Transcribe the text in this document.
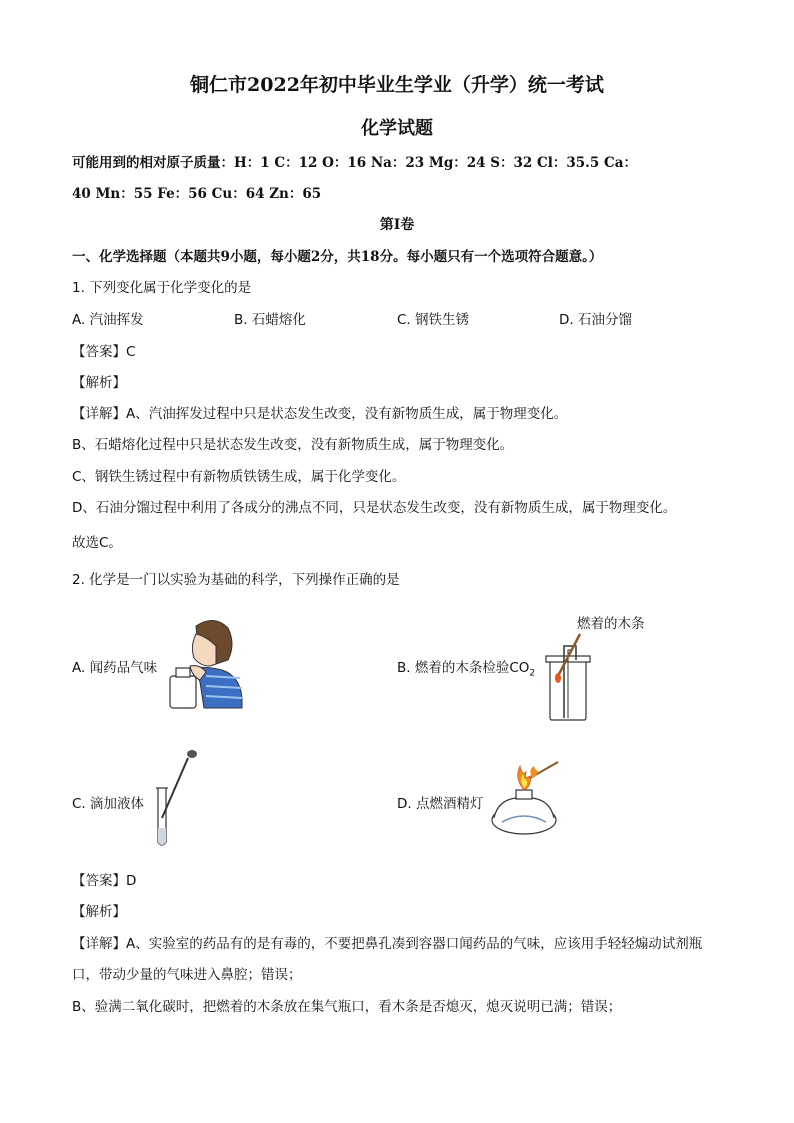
铜仁市2022年初中毕业生学业（升学）统一考试
化学试题
可能用到的相对原子质量：H：1 C：12 O：16 Na：23 Mg：24 S：32 Cl：35.5 Ca：
40 Mn：55 Fe：56 Cu：64 Zn：65
第I卷
一、化学选择题（本题共9小题，每小题2分，共18分。每小题只有一个选项符合题意。）
1. 下列变化属于化学变化的是
A. 汽油挥发	B. 石蜡熔化	C. 钢铁生锈	D. 石油分馏
【答案】C
【解析】
【详解】A、汽油挥发过程中只是状态发生改变，没有新物质生成，属于物理变化。
B、石蜡熔化过程中只是状态发生改变，没有新物质生成，属于物理变化。
C、钢铁生锈过程中有新物质铁锈生成，属于化学变化。
D、石油分馏过程中利用了各成分的沸点不同，只是状态发生改变，没有新物质生成，属于物理变化。
故选C。
2. 化学是一门以实验为基础的科学，下列操作正确的是
燃着的木条
A. 闻药品气味	B. 燃着的木条检验$CO_2$
C. 滴加液体	D. 点燃酒精灯
【答案】D
【解析】
【详解】A、实验室的药品有的是有毒的，不要把鼻孔凑到容器口闻药品的气味，应该用手轻轻煽动试剂瓶
口，带动少量的气味进入鼻腔；错误；
B、验满二氧化碳时，把燃着的木条放在集气瓶口，看木条是否熄灭，熄灭说明已满；错误；
